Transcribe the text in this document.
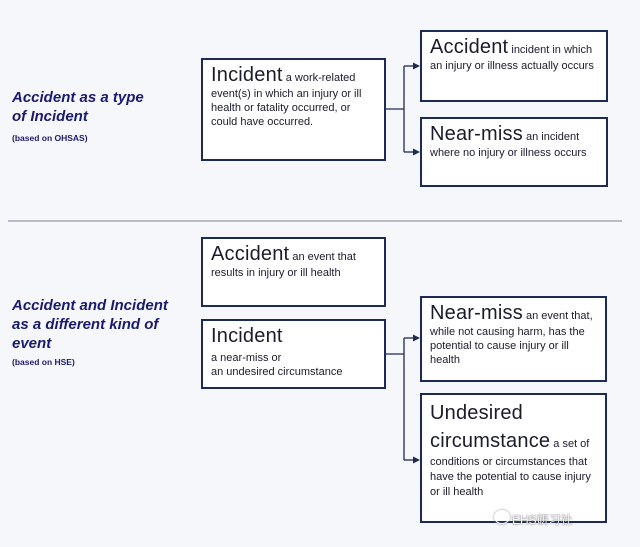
Accident as a type
of Incident
(based on OHSAS)
Incident a work-related event(s) in which an injury or ill health or fatality occurred, or could have occurred.
Accident incident in which an injury or illness actually occurs
Near-miss an incident where no injury or illness occurs
Accident and Incident
as a different kind of
event
(based on HSE)
Accident an event that results in injury or ill health
Incident
a near-miss or
an undesired circumstance
Near-miss an event that, while not causing harm, has the potential to cause injury or ill health
Undesired
circumstance a set of conditions or circumstances that have the potential to cause injury or ill health
EHS研习社
